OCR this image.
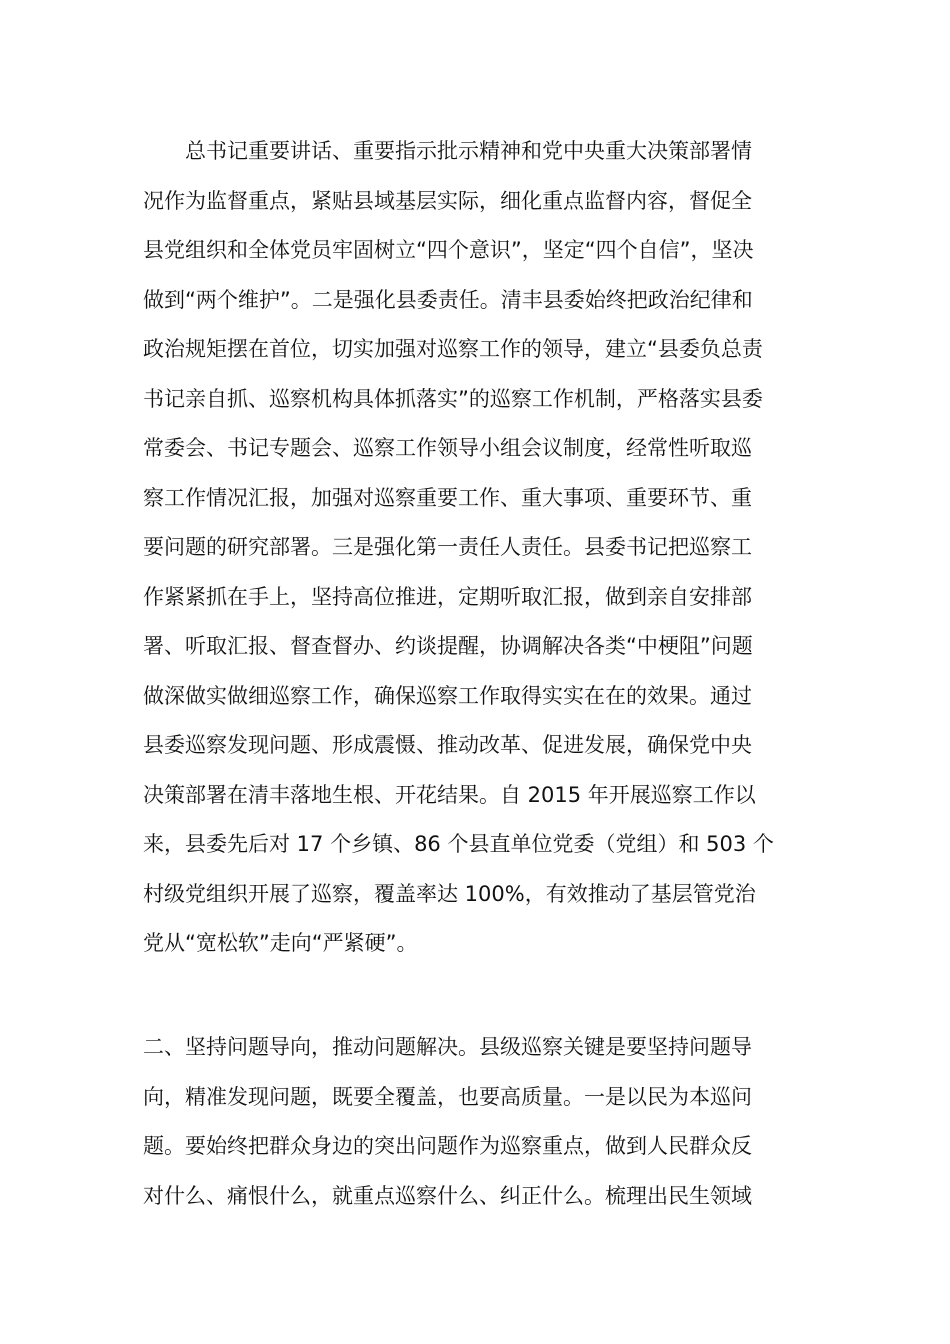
　　总书记重要讲话、重要指示批示精神和党中央重大决策部署情
况作为监督重点，紧贴县域基层实际，细化重点监督内容，督促全
县党组织和全体党员牢固树立“四个意识”，坚定“四个自信”，坚决
做到“两个维护”。二是强化县委责任。清丰县委始终把政治纪律和
政治规矩摆在首位，切实加强对巡察工作的领导，建立“县委负总责
书记亲自抓、巡察机构具体抓落实”的巡察工作机制，严格落实县委
常委会、书记专题会、巡察工作领导小组会议制度，经常性听取巡
察工作情况汇报，加强对巡察重要工作、重大事项、重要环节、重
要问题的研究部署。三是强化第一责任人责任。县委书记把巡察工
作紧紧抓在手上，坚持高位推进，定期听取汇报，做到亲自安排部
署、听取汇报、督查督办、约谈提醒，协调解决各类“中梗阻”问题
做深做实做细巡察工作，确保巡察工作取得实实在在的效果。通过
县委巡察发现问题、形成震慑、推动改革、促进发展，确保党中央
决策部署在清丰落地生根、开花结果。自 2015 年开展巡察工作以
来，县委先后对 17 个乡镇、86 个县直单位党委（党组）和 503 个
村级党组织开展了巡察，覆盖率达 100%，有效推动了基层管党治
党从“宽松软”走向“严紧硬”。
二、坚持问题导向，推动问题解决。县级巡察关键是要坚持问题导
向，精准发现问题，既要全覆盖，也要高质量。一是以民为本巡问
题。要始终把群众身边的突出问题作为巡察重点，做到人民群众反
对什么、痛恨什么，就重点巡察什么、纠正什么。梳理出民生领域
